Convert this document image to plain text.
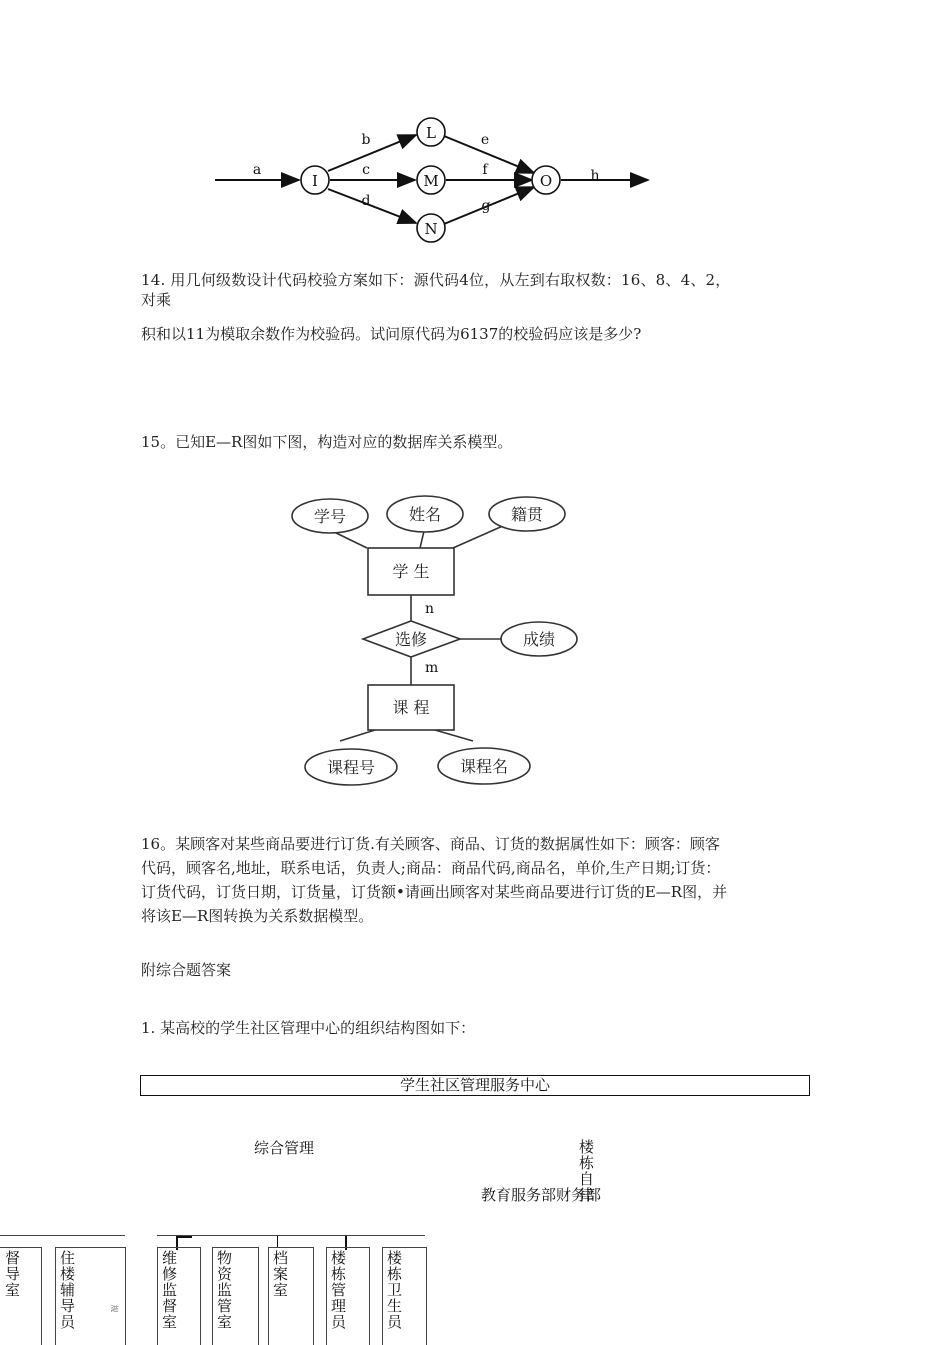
I
L
M
N
O
a
b
c
d
e
f
g
h
14. 用几何级数设计代码校验方案如下：源代码4位，从左到右取权数：16、8、4、2，
对乘
积和以11为模取余数作为校验码。试问原代码为6137的校验码应该是多少?
15。已知E—R图如下图，构造对应的数据库关系模型。
学号	姓名	籍贯
学 生
选修	成绩
课 程
课程号	课程名
n
m
16。某顾客对某些商品要进行订货.有关顾客、商品、订货的数据属性如下：顾客：顾客
代码，顾客名,地址，联系电话，负责人;商品：商品代码,商品名，单价,生产日期;订货：
订货代码，订货日期，订货量，订货额•请画出顾客对某些商品要进行订货的E—R图，并
将该E—R图转换为关系数据模型。
附综合题答案
1. 某高校的学生社区管理中心的组织结构图如下：
学生社区管理服务中心
综合管理
教育服务部财务部
楼栋自律
督导室 住楼辅导员	规	维修监督室 物资监管室	档案室	楼栋管理员	楼栋卫生员
